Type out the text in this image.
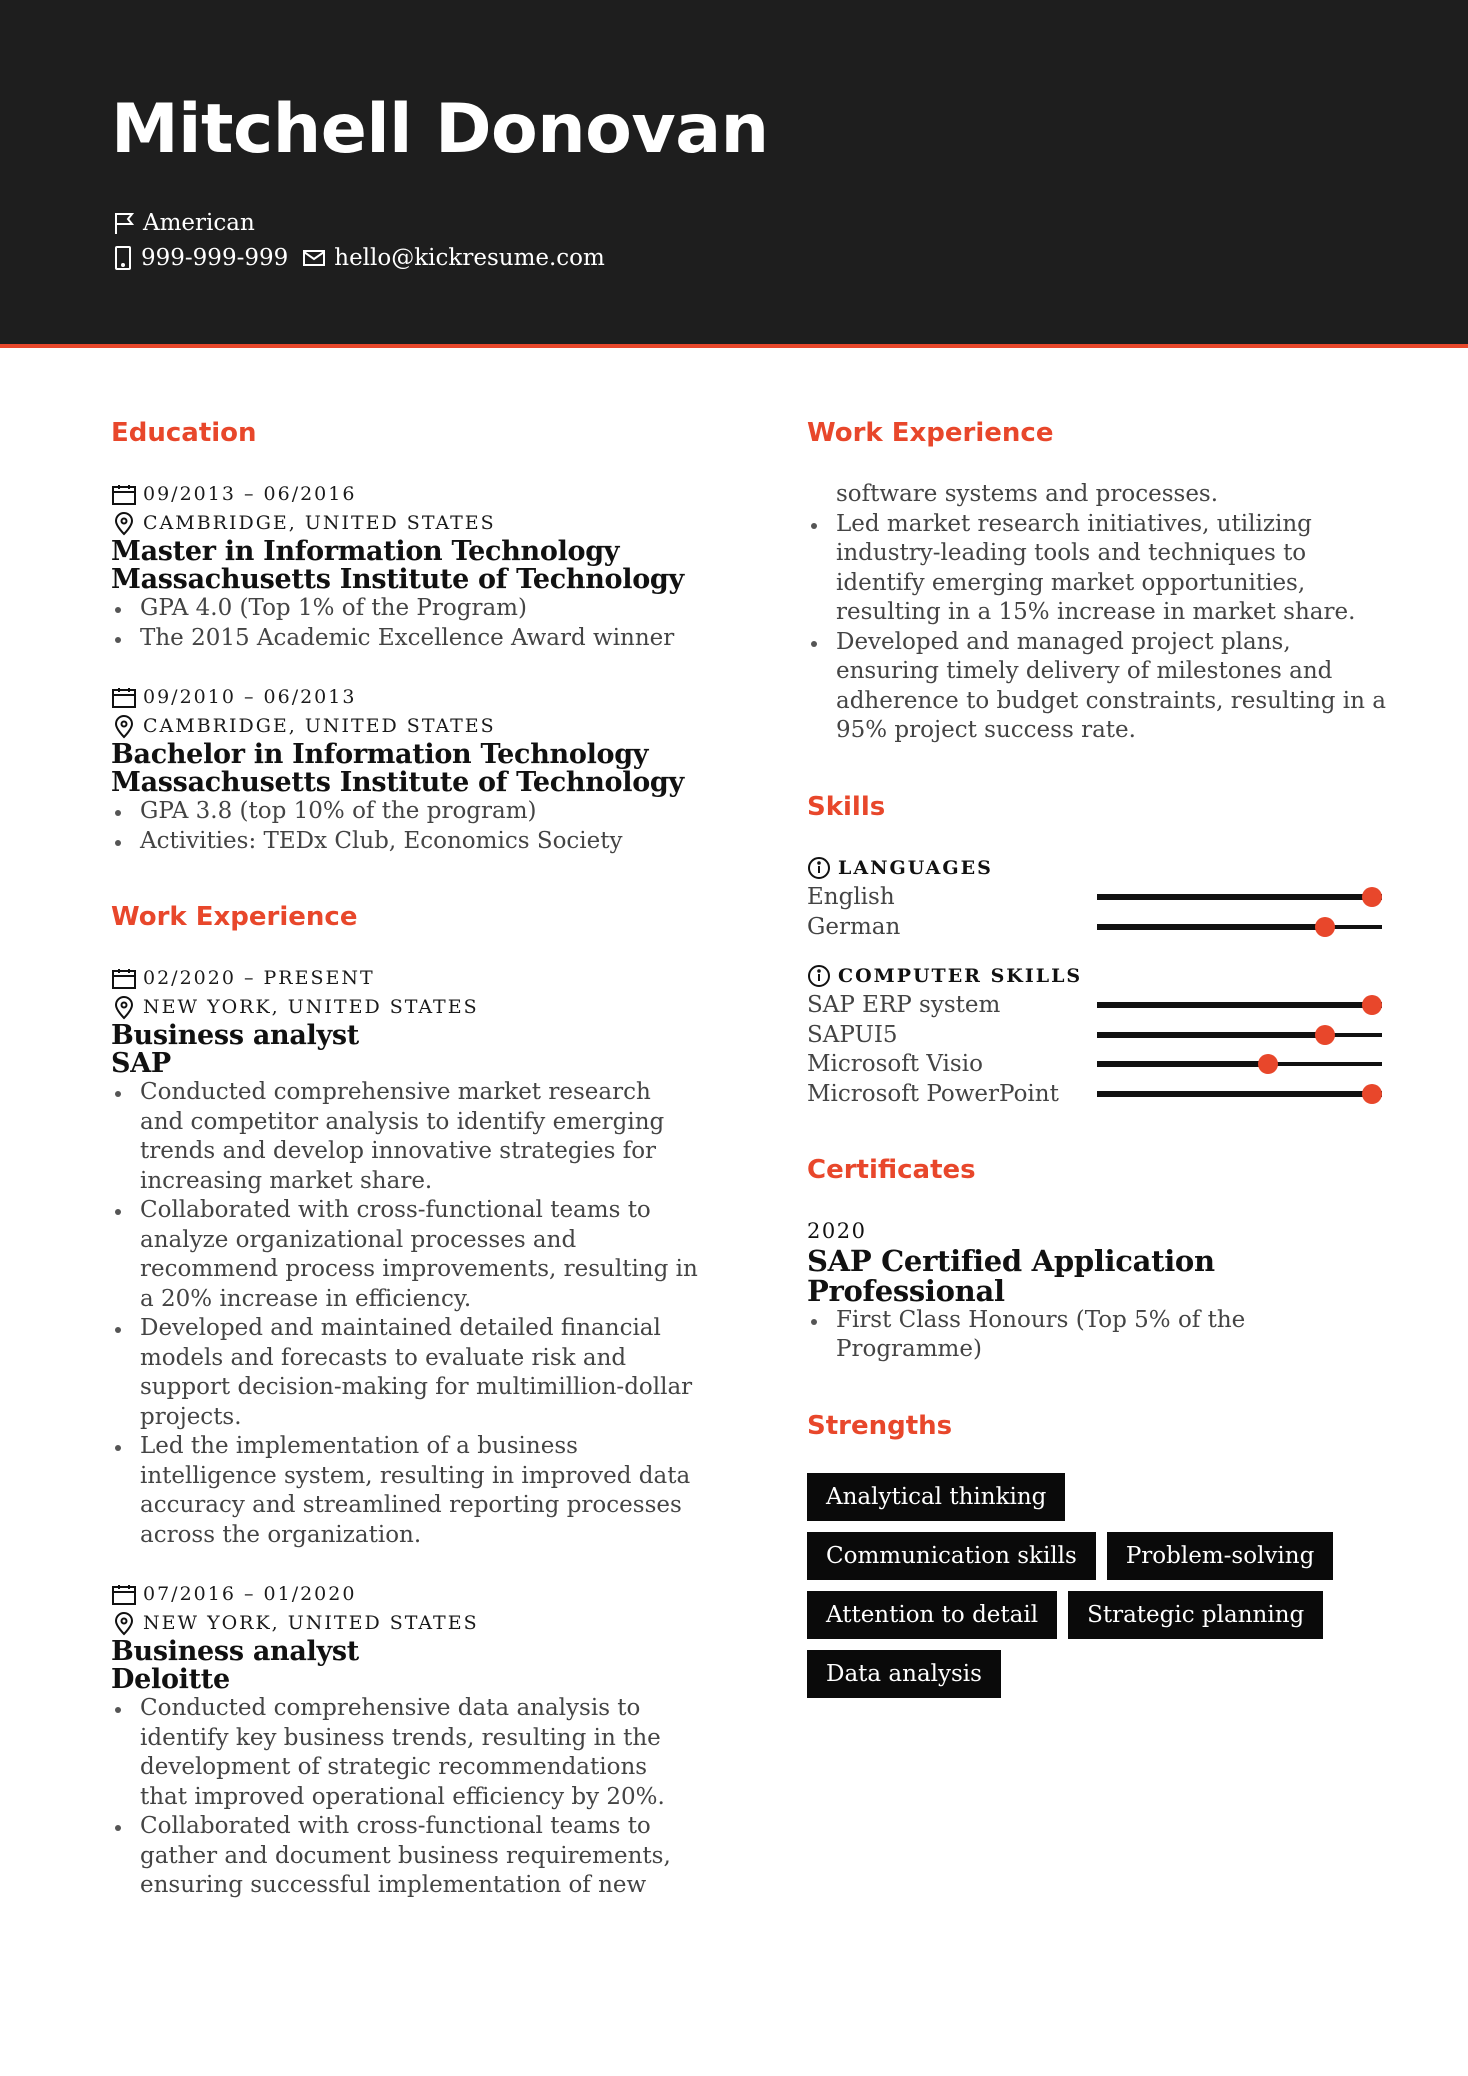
Mitchell Donovan
American
999-999-999 hello@kickresume.com
Education
09/2013 – 06/2016
CAMBRIDGE, UNITED STATES
Master in Information Technology
Massachusetts Institute of Technology
GPA 4.0 (Top 1% of the Program)
The 2015 Academic Excellence Award winner
09/2010 – 06/2013
CAMBRIDGE, UNITED STATES
Bachelor in Information Technology
Massachusetts Institute of Technology
GPA 3.8 (top 10% of the program)
Activities: TEDx Club, Economics Society
Work Experience
02/2020 – PRESENT
NEW YORK, UNITED STATES
Business analyst
SAP
Conducted comprehensive market research and competitor analysis to identify emerging trends and develop innovative strategies for increasing market share.
Collaborated with cross-functional teams to analyze organizational processes and recommend process improvements, resulting in a 20% increase in efficiency.
Developed and maintained detailed financial models and forecasts to evaluate risk and support decision-making for multimillion-dollar projects.
Led the implementation of a business intelligence system, resulting in improved data accuracy and streamlined reporting processes across the organization.
07/2016 – 01/2020
NEW YORK, UNITED STATES
Business analyst
Deloitte
Conducted comprehensive data analysis to identify key business trends, resulting in the development of strategic recommendations that improved operational efficiency by 20%.
Collaborated with cross-functional teams to gather and document business requirements, ensuring successful implementation of new
Work Experience
software systems and processes.
Led market research initiatives, utilizing industry-leading tools and techniques to identify emerging market opportunities, resulting in a 15% increase in market share.
Developed and managed project plans, ensuring timely delivery of milestones and adherence to budget constraints, resulting in a 95% project success rate.
Skills
LANGUAGES
English
German
COMPUTER SKILLS
SAP ERP system
SAPUI5
Microsoft Visio
Microsoft PowerPoint
Certificates
2020
SAP Certified Application Professional
First Class Honours (Top 5% of the Programme)
Strengths
Analytical thinking
Communication skills	Problem-solving
Attention to detail	Strategic planning
Data analysis
